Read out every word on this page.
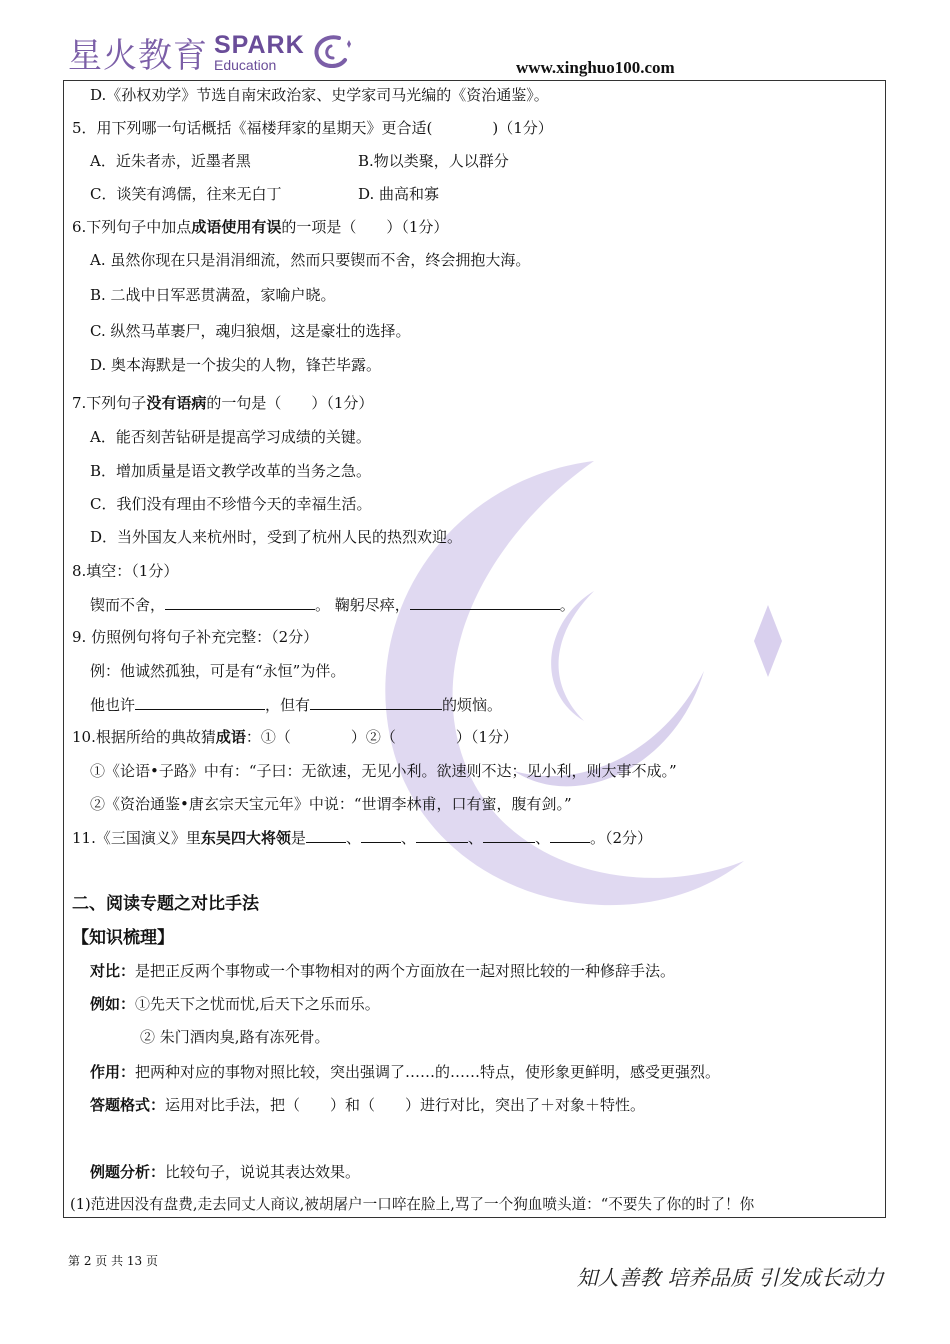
星火教育 SPARK
Education	www.xinghuo100.com
D.《孙权劝学》节选自南宋政治家、史学家司马光编的《资治通鉴》。
5．用下列哪一句话概括《福楼拜家的星期天》更合适(　　　　)（1分）
A．近朱者赤，近墨者黑	B.物以类聚，人以群分
C．谈笑有鸿儒，往来无白丁	D. 曲高和寡
6.下列句子中加点成语使用有误的一项是（　　）（1分）
A. 虽然你现在只是涓涓细流，然而只要锲而不舍，终会拥抱大海。
B. 二战中日军恶贯满盈，家喻户晓。
C. 纵然马革裹尸，魂归狼烟，这是豪壮的选择。
D. 奥本海默是一个拔尖的人物，锋芒毕露。
7.下列句子没有语病的一句是（　　）（1分）
A．能否刻苦钻研是提高学习成绩的关键。
B．增加质量是语文教学改革的当务之急。
C．我们没有理由不珍惜今天的幸福生活。
D．当外国友人来杭州时，受到了杭州人民的热烈欢迎。
8.填空：（1分）
锲而不舍，	。 鞠躬尽瘁，	。
9. 仿照例句将句子补充完整：（2分）
例：他诚然孤独，可是有“永恒”为伴。
他也许	，但有	的烦恼。
10.根据所给的典故猜成语：①（　　　　）②（　　　　）（1分）
①《论语•子路》中有：“子曰：无欲速，无见小利。欲速则不达；见小利，则大事不成。”
②《资治通鉴•唐玄宗天宝元年》中说：“世谓李林甫，口有蜜，腹有剑。”
11.《三国演义》里东吴四大将领是	、	、	、	、	。（2分）
二、阅读专题之对比手法
【知识梳理】
对比：是把正反两个事物或一个事物相对的两个方面放在一起对照比较的一种修辞手法。
例如：①先天下之忧而忧,后天下之乐而乐。
② 朱门酒肉臭,路有冻死骨。
作用：把两种对应的事物对照比较，突出强调了……的……特点，使形象更鲜明，感受更强烈。
答题格式：运用对比手法，把（　　）和（　　）进行对比，突出了＋对象＋特性。
例题分析：比较句子，说说其表达效果。
(1)范进因没有盘费,走去同丈人商议,被胡屠户一口啐在脸上,骂了一个狗血喷头道：“不要失了你的时了！你
第 2 页 共 13 页
知人善教 培养品质 引发成长动力
